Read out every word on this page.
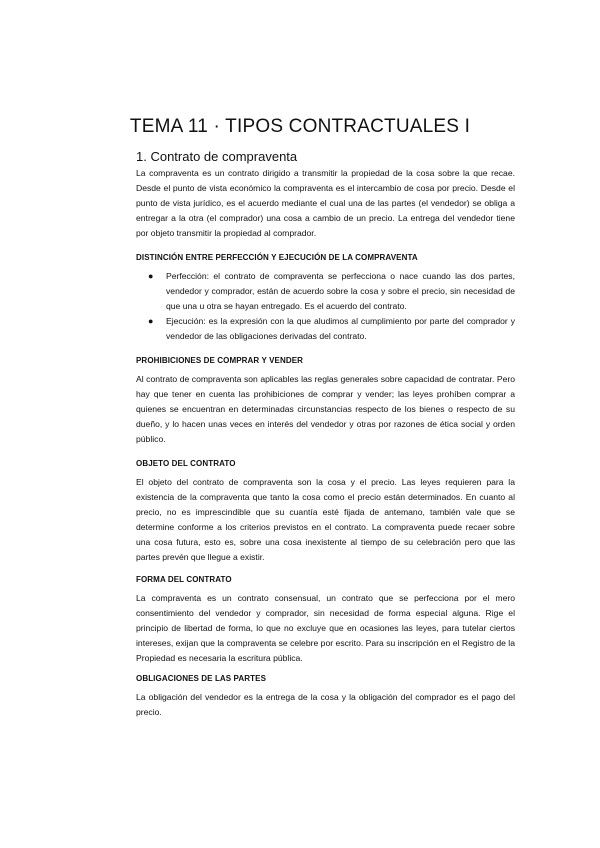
TEMA 11 · TIPOS CONTRACTUALES I
1. Contrato de compraventa

La compraventa es un contrato dirigido a transmitir la propiedad de la cosa sobre la que recae. Desde el punto de vista económico la compraventa es el intercambio de cosa por precio. Desde el punto de vista jurídico, es el acuerdo mediante el cual una de las partes (el vendedor) se obliga a entregar a la otra (el comprador) una cosa a cambio de un precio. La entrega del vendedor tiene por objeto transmitir la propiedad al comprador.

DISTINCIÓN ENTRE PERFECCIÓN Y EJECUCIÓN DE LA COMPRAVENTA
● Perfección: el contrato de compraventa se perfecciona o nace cuando las dos partes, vendedor y comprador, están de acuerdo sobre la cosa y sobre el precio, sin necesidad de que una u otra se hayan entregado. Es el acuerdo del contrato.
● Ejecución: es la expresión con la que aludimos al cumplimiento por parte del comprador y vendedor de las obligaciones derivadas del contrato.
PROHIBICIONES DE COMPRAR Y VENDER

Al contrato de compraventa son aplicables las reglas generales sobre capacidad de contratar. Pero hay que tener en cuenta las prohibiciones de comprar y vender; las leyes prohíben comprar a quienes se encuentran en determinadas circunstancias respecto de los bienes o respecto de su dueño, y lo hacen unas veces en interés del vendedor y otras por razones de ética social y orden público.

OBJETO DEL CONTRATO

El objeto del contrato de compraventa son la cosa y el precio. Las leyes requieren para la existencia de la compraventa que tanto la cosa como el precio están determinados. En cuanto al precio, no es imprescindible que su cuantía esté fijada de antemano, también vale que se determine conforme a los criterios previstos en el contrato. La compraventa puede recaer sobre una cosa futura, esto es, sobre una cosa inexistente al tiempo de su celebración pero que las partes prevén que llegue a existir.

FORMA DEL CONTRATO

La compraventa es un contrato consensual, un contrato que se perfecciona por el mero consentimiento del vendedor y comprador, sin necesidad de forma especial alguna. Rige el principio de libertad de forma, lo que no excluye que en ocasiones las leyes, para tutelar ciertos intereses, exijan que la compraventa se celebre por escrito. Para su inscripción en el Registro de la Propiedad es necesaria la escritura pública.

OBLIGACIONES DE LAS PARTES

La obligación del vendedor es la entrega de la cosa y la obligación del comprador es el pago del precio.
